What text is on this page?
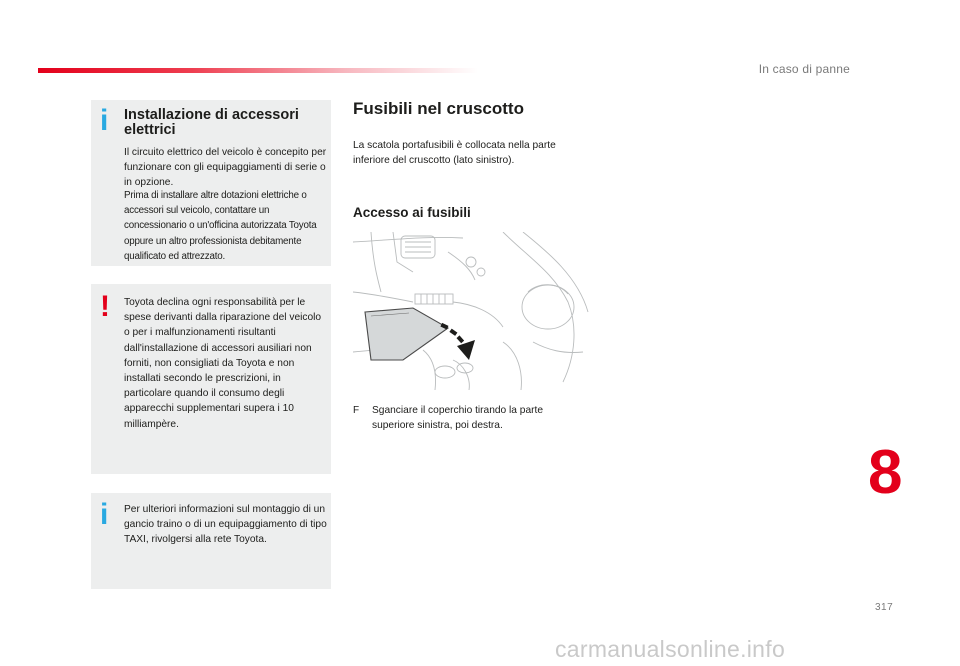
In caso di panne
i Installazione di accessori elettrici
Il circuito elettrico del veicolo è concepito per funzionare con gli equipaggiamenti di serie o in opzione.
Prima di installare altre dotazioni elettriche o accessori sul veicolo, contattare un concessionario o un'officina autorizzata Toyota oppure un altro professionista debitamente qualificato ed attrezzato.
! Toyota declina ogni responsabilità per le spese derivanti dalla riparazione del veicolo o per i malfunzionamenti risultanti dall'installazione di accessori ausiliari non forniti, non consigliati da Toyota e non installati secondo le prescrizioni, in particolare quando il consumo degli apparecchi supplementari supera i 10 milliampère.
i Per ulteriori informazioni sul montaggio di un gancio traino o di un equipaggiamento di tipo TAXI, rivolgersi alla rete Toyota.
Fusibili nel cruscotto
La scatola portafusibili è collocata nella parte inferiore del cruscotto (lato sinistro).
Accesso ai fusibili
F Sganciare il coperchio tirando la parte superiore sinistra, poi destra.
8
317
carmanualsonline.info
